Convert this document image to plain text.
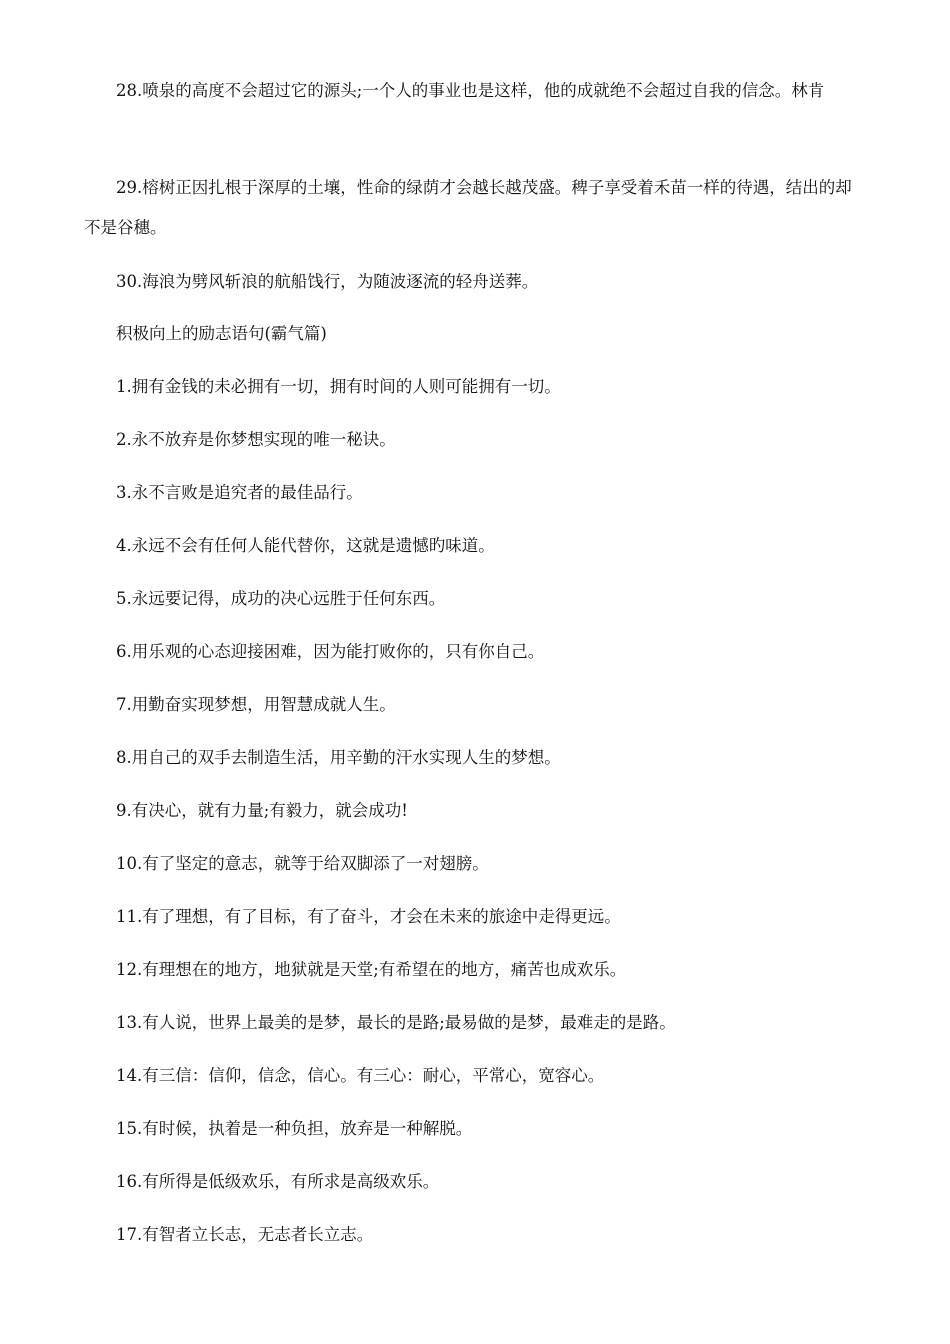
28.喷泉的高度不会超过它的源头;一个人的事业也是这样，他的成就绝不会超过自我的信念。林肯

29.榕树正因扎根于深厚的土壤，性命的绿荫才会越长越茂盛。稗子享受着禾苗一样的待遇，结出的却不是谷穗。

30.海浪为劈风斩浪的航船饯行，为随波逐流的轻舟送葬。

积极向上的励志语句(霸气篇)

1.拥有金钱的未必拥有一切，拥有时间的人则可能拥有一切。

2.永不放弃是你梦想实现的唯一秘诀。

3.永不言败是追究者的最佳品行。

4.永远不会有任何人能代替你，这就是遗憾旳味道。

5.永远要记得，成功的决心远胜于任何东西。

6.用乐观的心态迎接困难，因为能打败你的，只有你自己。

7.用勤奋实现梦想，用智慧成就人生。

8.用自己的双手去制造生活，用辛勤的汗水实现人生的梦想。

9.有决心，就有力量;有毅力，就会成功!

10.有了坚定的意志，就等于给双脚添了一对翅膀。

11.有了理想，有了目标，有了奋斗，才会在未来的旅途中走得更远。

12.有理想在的地方，地狱就是天堂;有希望在的地方，痛苦也成欢乐。

13.有人说，世界上最美的是梦，最长的是路;最易做的是梦，最难走的是路。

14.有三信：信仰，信念，信心。有三心：耐心，平常心，宽容心。

15.有时候，执着是一种负担，放弃是一种解脱。

16.有所得是低级欢乐，有所求是高级欢乐。

17.有智者立长志，无志者长立志。
